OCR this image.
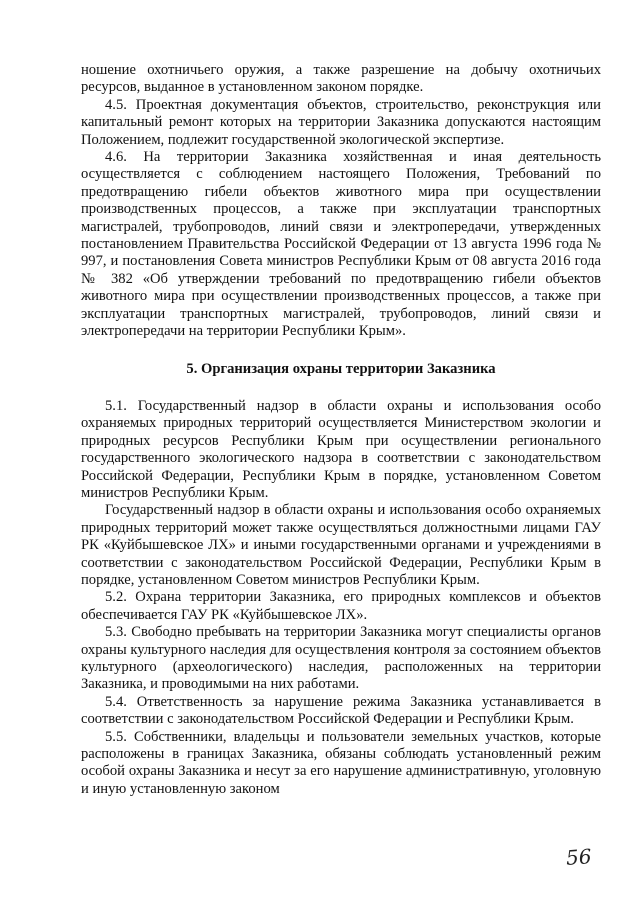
ношение охотничьего оружия, а также разрешение на добычу охотничьих ресурсов, выданное в установленном законом порядке.

4.5. Проектная документация объектов, строительство, реконструкция или капитальный ремонт которых на территории Заказника допускаются настоящим Положением, подлежит государственной экологической экспертизе.

4.6. На территории Заказника хозяйственная и иная деятельность осуществляется с соблюдением настоящего Положения, Требований по предотвращению гибели объектов животного мира при осуществлении производственных процессов, а также при эксплуатации транспортных магистралей, трубопроводов, линий связи и электропередачи, утвержденных постановлением Правительства Российской Федерации от 13 августа 1996 года № 997, и постановления Совета министров Республики Крым от 08 августа 2016 года № 382 «Об утверждении требований по предотвращению гибели объектов животного мира при осуществлении производственных процессов, а также при эксплуатации транспортных магистралей, трубопроводов, линий связи и электропередачи на территории Республики Крым».

5. Организация охраны территории Заказника

5.1. Государственный надзор в области охраны и использования особо охраняемых природных территорий осуществляется Министерством экологии и природных ресурсов Республики Крым при осуществлении регионального государственного экологического надзора в соответствии с законодательством Российской Федерации, Республики Крым в порядке, установленном Советом министров Республики Крым.

Государственный надзор в области охраны и использования особо охраняемых природных территорий может также осуществляться должностными лицами ГАУ РК «Куйбышевское ЛХ» и иными государственными органами и учреждениями в соответствии с законодательством Российской Федерации, Республики Крым в порядке, установленном Советом министров Республики Крым.

5.2. Охрана территории Заказника, его природных комплексов и объектов обеспечивается ГАУ РК «Куйбышевское ЛХ».

5.3. Свободно пребывать на территории Заказника могут специалисты органов охраны культурного наследия для осуществления контроля за состоянием объектов культурного (археологического) наследия, расположенных на территории Заказника, и проводимыми на них работами.

5.4. Ответственность за нарушение режима Заказника устанавливается в соответствии с законодательством Российской Федерации и Республики Крым.

5.5. Собственники, владельцы и пользователи земельных участков, которые расположены в границах Заказника, обязаны соблюдать установленный режим особой охраны Заказника и несут за его нарушение административную, уголовную и иную установленную законом

56
